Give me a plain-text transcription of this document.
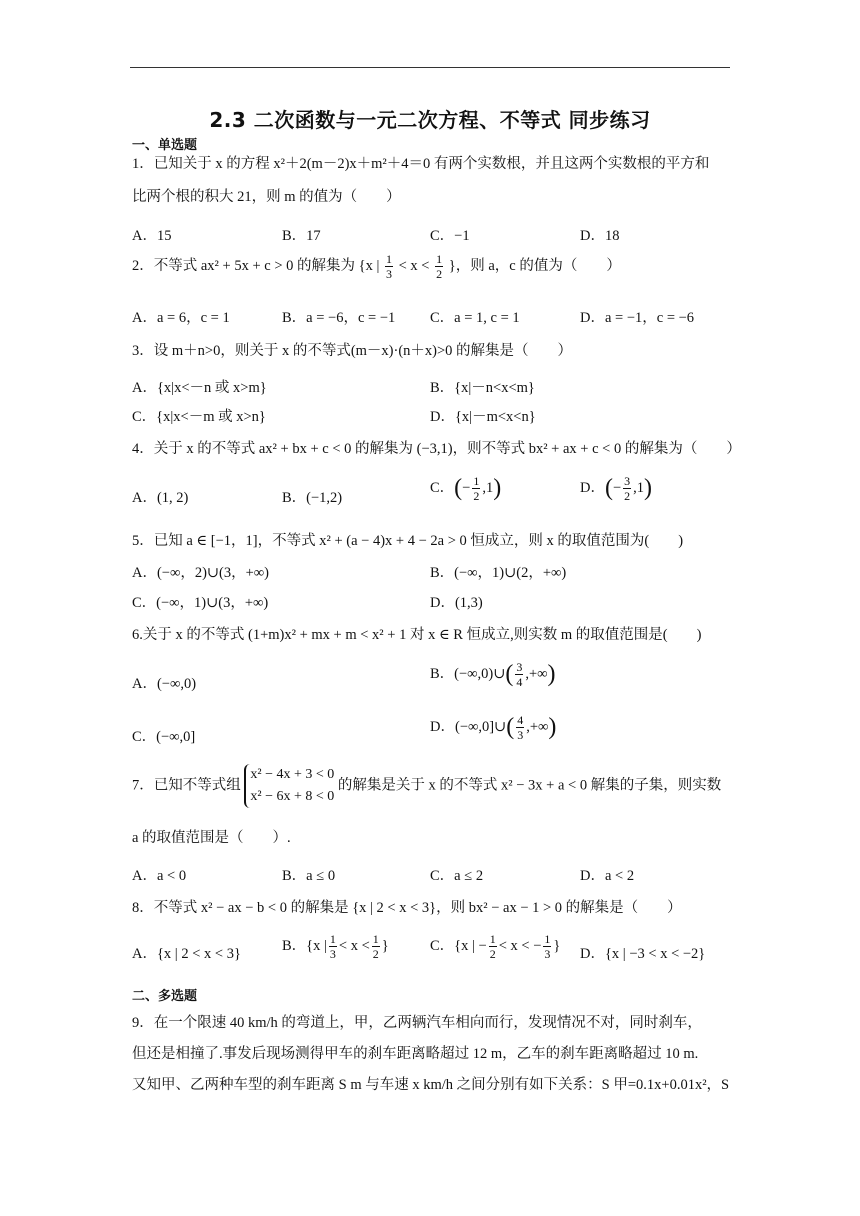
2.3 二次函数与一元二次方程、不等式 同步练习
一、单选题
1．已知关于 x 的方程 x²＋2(m－2)x＋m²＋4＝0 有两个实数根，并且这两个实数根的平方和
比两个根的积大 21，则 m 的值为（　　）
A．15	B．17	C．−1	D．18
2．不等式 ax² + 5x + c > 0 的解集为 {x | $\frac{1}{3} < x < \frac{1}{2}$ }，则 a，c 的值为（　　）
A．a = 6，c = 1	B．a = −6，c = −1 C．a = 1, c = 1	D．a = −1，c = −6
3．设 m＋n>0，则关于 x 的不等式(m－x)·(n＋x)>0 的解集是（　　）
A．{x|x<－n 或 x>m}	B．{x|－n<x<m}
C．{x|x<－m 或 x>n}	D．{x|－m<x<n}
4．关于 x 的不等式 ax² + bx + c < 0 的解集为 (−3,1)，则不等式 bx² + ax + c < 0 的解集为（　　）
A．(1, 2)	B．(−1,2)
C．(− $\frac{1}{2} ,1$)	D．(− $\frac{3}{2} ,1$)
5．已知 a ∈ [−1，1]，不等式 x² + (a − 4)x + 4 − 2a > 0 恒成立，则 x 的取值范围为(　　)
A．(−∞，2)∪(3，+∞)	B．(−∞，1)∪(2，+∞)
C．(−∞，1)∪(3，+∞)	D．(1,3)
6.关于 x 的不等式 (1+m)x² + mx + m < x² + 1 对 x ∈ R 恒成立,则实数 m 的取值范围是(　　)
A．(−∞,0)
B．(−∞,0)∪( $\frac{3}{4}$ ,+∞)
C．(−∞,0]
D．(−∞,0]∪( $\frac{4}{3}$ ,+∞)
7．已知不等式组
x² − 4x + 3 < 0
x² − 6x + 8 < 0
的解集是关于 x 的不等式 x² − 3x + a < 0 解集的子集，则实数
a 的取值范围是（　　）.
A．a < 0	B．a ≤ 0	C．a ≤ 2	D．a < 2
8．不等式 x² − ax − b < 0 的解集是 {x | 2 < x < 3}，则 bx² − ax − 1 > 0 的解集是（　　）
A．{x | 2 < x < 3}
B．{x | $\frac{1}{3} < x < \frac{1}{2}$ }	C．{x | − $\frac{1}{2} < x$ < − $\frac{1}{3}$ }
D．{x | −3 < x < −2}
二、多选题
9．在一个限速 40 km/h 的弯道上，甲，乙两辆汽车相向而行，发现情况不对，同时刹车，
但还是相撞了.事发后现场测得甲车的刹车距离略超过 12 m，乙车的刹车距离略超过 10 m.
又知甲、乙两种车型的刹车距离 S m 与车速 x km/h 之间分别有如下关系：S 甲=0.1x+0.01x²，S
